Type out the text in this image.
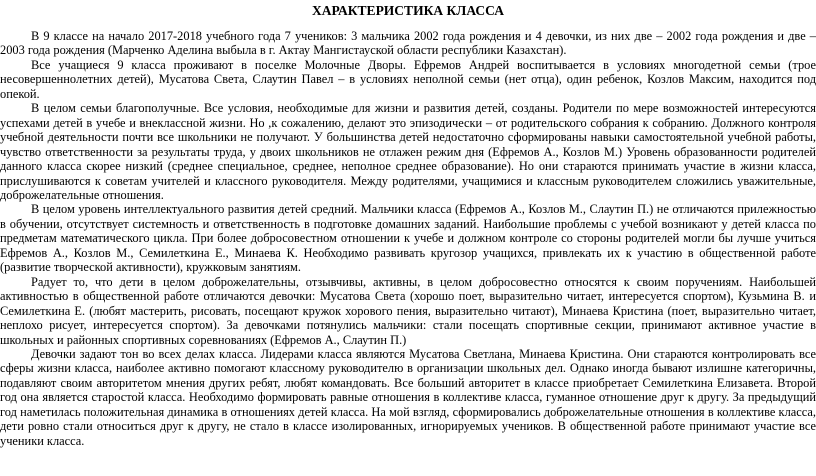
ХАРАКТЕРИСТИКА КЛАССА

В 9 классе на начало 2017-2018 учебного года 7 учеников: 3 мальчика 2002 года рождения и 4 девочки, из них две – 2002 года рождения и две – 2003 года рождения (Марченко Аделина выбыла в г. Актау Мангистауской области республики Казахстан).

Все учащиеся 9 класса проживают в поселке Молочные Дворы. Ефремов Андрей воспитывается в условиях многодетной семьи (трое несовершеннолетних детей), Мусатова Света, Слаутин Павел – в условиях неполной семьи (нет отца), один ребенок, Козлов Максим, находится под опекой.

В целом семьи благополучные. Все условия, необходимые для жизни и развития детей, созданы. Родители по мере возможностей интересуются успехами детей в учебе и внеклассной жизни. Но ,к сожалению, делают это эпизодически – от родительского собрания к собранию. Должного контроля учебной деятельности почти все школьники не получают. У большинства детей недостаточно сформированы навыки самостоятельной учебной работы, чувство ответственности за результаты труда, у двоих школьников не отлажен режим дня (Ефремов А., Козлов М.) Уровень образованности родителей данного класса скорее низкий (среднее специальное, среднее, неполное среднее образование). Но они стараются принимать участие в жизни класса, прислушиваются к советам учителей и классного руководителя. Между родителями, учащимися и классным руководителем сложились уважительные, доброжелательные отношения.

В целом уровень интеллектуального развития детей средний. Мальчики класса (Ефремов А., Козлов М., Слаутин П.) не отличаются прилежностью в обучении, отсутствует системность и ответственность в подготовке домашних заданий. Наибольшие проблемы с учебой возникают у детей класса по предметам математического цикла. При более добросовестном отношении к учебе и должном контроле со стороны родителей могли бы лучше учиться Ефремов А., Козлов М., Семилеткина Е., Минаева К. Необходимо развивать кругозор учащихся, привлекать их к участию в общественной работе (развитие творческой активности), кружковым занятиям.

Радует то, что дети в целом доброжелательны, отзывчивы, активны, в целом добросовестно относятся к своим поручениям. Наибольшей активностью в общественной работе отличаются девочки: Мусатова Света (хорошо поет, выразительно читает, интересуется спортом), Кузьмина В. и Семилеткина Е. (любят мастерить, рисовать, посещают кружок хорового пения, выразительно читают), Минаева Кристина (поет, выразительно читает, неплохо рисует, интересуется спортом). За девочками потянулись мальчики: стали посещать спортивные секции, принимают активное участие в школьных и районных спортивных соревнованиях (Ефремов А., Слаутин П.)

Девочки задают тон во всех делах класса. Лидерами класса являются Мусатова Светлана, Минаева Кристина. Они стараются контролировать все сферы жизни класса, наиболее активно помогают классному руководителю в организации школьных дел. Однако иногда бывают излишне категоричны, подавляют своим авторитетом мнения других ребят, любят командовать. Все больший авторитет в классе приобретает Семилеткина Елизавета. Второй год она является старостой класса. Необходимо формировать равные отношения в коллективе класса, гуманное отношение друг к другу. За предыдущий год наметилась положительная динамика в отношениях детей класса. На мой взгляд, сформировались доброжелательные отношения в коллективе класса, дети ровно стали относиться друг к другу, не стало в классе изолированных, игнорируемых учеников. В общественной работе принимают участие все ученики класса.
